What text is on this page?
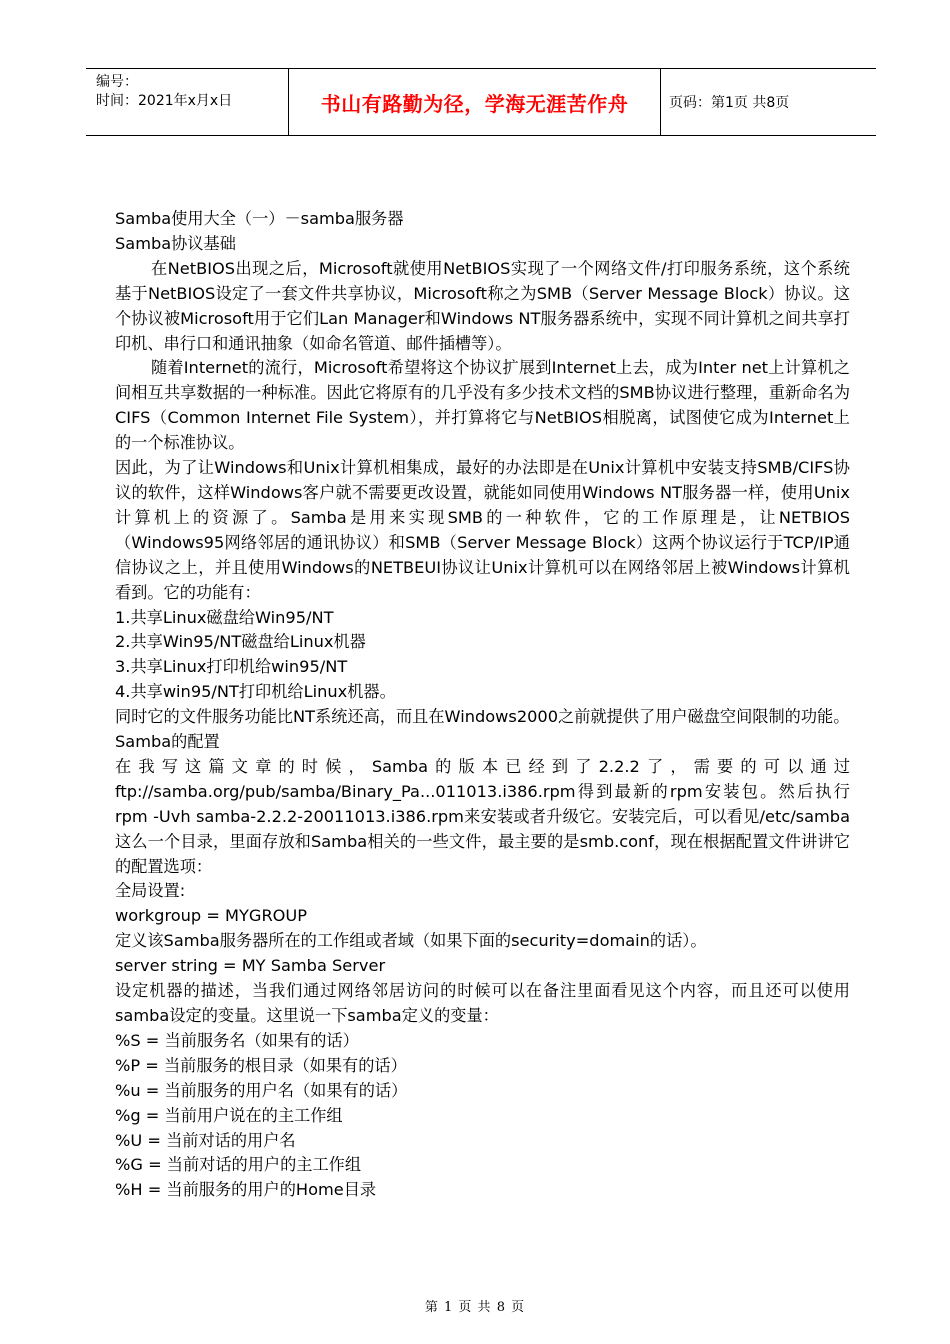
编号：
时间：2021年x月x日	书山有路勤为径，学海无涯苦作舟	页码：第1页 共8页

Samba使用大全（一）－samba服务器

Samba协议基础

在NetBIOS出现之后，Microsoft就使用NetBIOS实现了一个网络文件/打印服务系统，这个系统基于NetBIOS设定了一套文件共享协议，Microsoft称之为SMB（Server Message Block）协议。这个协议被Microsoft用于它们Lan Manager和Windows NT服务器系统中，实现不同计算机之间共享打印机、串行口和通讯抽象（如命名管道、邮件插槽等）。

随着Internet的流行，Microsoft希望将这个协议扩展到Internet上去，成为Inter net上计算机之间相互共享数据的一种标准。因此它将原有的几乎没有多少技术文档的SMB协议进行整理，重新命名为 CIFS（Common Internet File System），并打算将它与NetBIOS相脱离，试图使它成为Internet上的一个标准协议。

因此，为了让Windows和Unix计算机相集成，最好的办法即是在Unix计算机中安装支持SMB/CIFS协议的软件，这样Windows客户就不需要更改设置，就能如同使用Windows NT服务器一样，使用Unix计算机上的资源了。Samba是用来实现SMB的一种软件，它的工作原理是，让NETBIOS（Windows95网络邻居的通讯协议）和SMB（Server Message Block）这两个协议运行于TCP/IP通信协议之上，并且使用Windows的NETBEUI协议让Unix计算机可以在网络邻居上被Windows计算机看到。它的功能有：

1.共享Linux磁盘给Win95/NT

2.共享Win95/NT磁盘给Linux机器

3.共享Linux打印机给win95/NT

4.共享win95/NT打印机给Linux机器。

同时它的文件服务功能比NT系统还高，而且在Windows2000之前就提供了用户磁盘空间限制的功能。

Samba的配置

在我写这篇文章的时候，Samba的版本已经到了2.2.2了，需要的可以通过ftp://samba.org/pub/samba/Binary_Pa...011013.i386.rpm得到最新的rpm安装包。然后执行rpm -Uvh samba-2.2.2-20011013.i386.rpm来安装或者升级它。安装完后，可以看见/etc/samba这么一个目录，里面存放和Samba相关的一些文件，最主要的是smb.conf，现在根据配置文件讲讲它的配置选项：

全局设置:

workgroup = MYGROUP

定义该Samba服务器所在的工作组或者域（如果下面的security=domain的话）。

server string = MY Samba Server

设定机器的描述，当我们通过网络邻居访问的时候可以在备注里面看见这个内容，而且还可以使用samba设定的变量。这里说一下samba定义的变量：

%S = 当前服务名（如果有的话）

%P = 当前服务的根目录（如果有的话）

%u = 当前服务的用户名（如果有的话）

%g = 当前用户说在的主工作组

%U = 当前对话的用户名

%G = 当前对话的用户的主工作组

%H = 当前服务的用户的Home目录

第 1 页 共 8 页
